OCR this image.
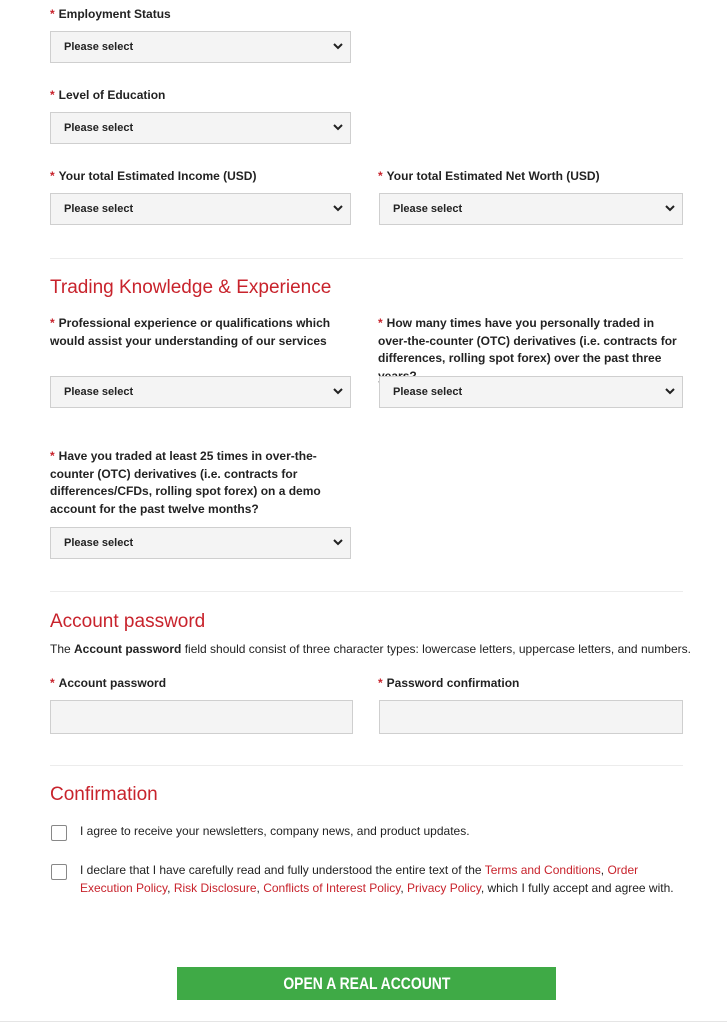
* Employment Status
Please select
* Level of Education
Please select
* Your total Estimated Income (USD)
Please select
* Your total Estimated Net Worth (USD)
Please select
Trading Knowledge & Experience
* Professional experience or qualifications which would assist your understanding of our services
* How many times have you personally traded in over-the-counter (OTC) derivatives (i.e. contracts for differences, rolling spot forex) over the past three
Please select	Please select
* Have you traded at least 25 times in over-the-counter (OTC) derivatives (i.e. contracts for differences/CFDs, rolling spot forex) on a demo account for the past twelve months?
Please select
Account password
The Account password field should consist of three character types: lowercase letters, uppercase letters, and numbers.
* Account password	* Password confirmation
Confirmation
I agree to receive your newsletters, company news, and product updates.
I declare that I have carefully read and fully understood the entire text of the Terms and Conditions, Order Execution Policy, Risk Disclosure, Conflicts of Interest Policy, Privacy Policy, which I fully accept and agree with.
OPEN A REAL ACCOUNT
